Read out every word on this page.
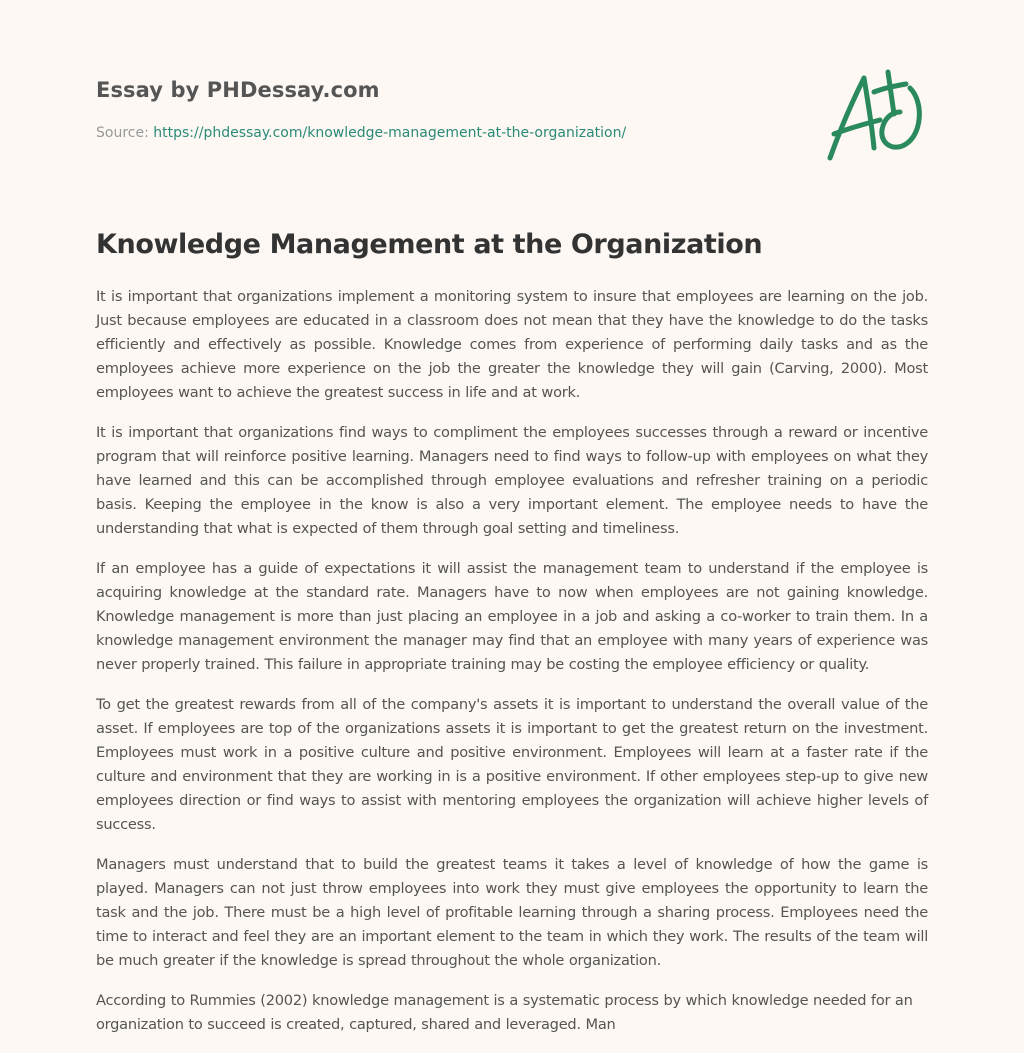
Essay by PHDessay.com
Source: https://phdessay.com/knowledge-management-at-the-organization/
Knowledge Management at the Organization

It is important that organizations implement a monitoring system to insure that employees are learning on the job. Just because employees are educated in a classroom does not mean that they have the knowledge to do the tasks efficiently and effectively as possible. Knowledge comes from experience of performing daily tasks and as the employees achieve more experience on the job the greater the knowledge they will gain (Carving, 2000). Most employees want to achieve the greatest success in life and at work.

It is important that organizations find ways to compliment the employees successes through a reward or incentive program that will reinforce positive learning. Managers need to find ways to follow-up with employees on what they have learned and this can be accomplished through employee evaluations and refresher training on a periodic basis. Keeping the employee in the know is also a very important element. The employee needs to have the understanding that what is expected of them through goal setting and timeliness.

If an employee has a guide of expectations it will assist the management team to understand if the employee is acquiring knowledge at the standard rate. Managers have to now when employees are not gaining knowledge. Knowledge management is more than just placing an employee in a job and asking a co-worker to train them. In a knowledge management environment the manager may find that an employee with many years of experience was never properly trained. This failure in appropriate training may be costing the employee efficiency or quality.

To get the greatest rewards from all of the company's assets it is important to understand the overall value of the asset. If employees are top of the organizations assets it is important to get the greatest return on the investment. Employees must work in a positive culture and positive environment. Employees will learn at a faster rate if the culture and environment that they are working in is a positive environment. If other employees step-up to give new employees direction or find ways to assist with mentoring employees the organization will achieve higher levels of success.

Managers must understand that to build the greatest teams it takes a level of knowledge of how the game is played. Managers can not just throw employees into work they must give employees the opportunity to learn the task and the job. There must be a high level of profitable learning through a sharing process. Employees need the time to interact and feel they are an important element to the team in which they work. The results of the team will be much greater if the knowledge is spread throughout the whole organization.

According to Rummies (2002) knowledge management is a systematic process by which knowledge needed for an organization to succeed is created, captured, shared and leveraged. Man
